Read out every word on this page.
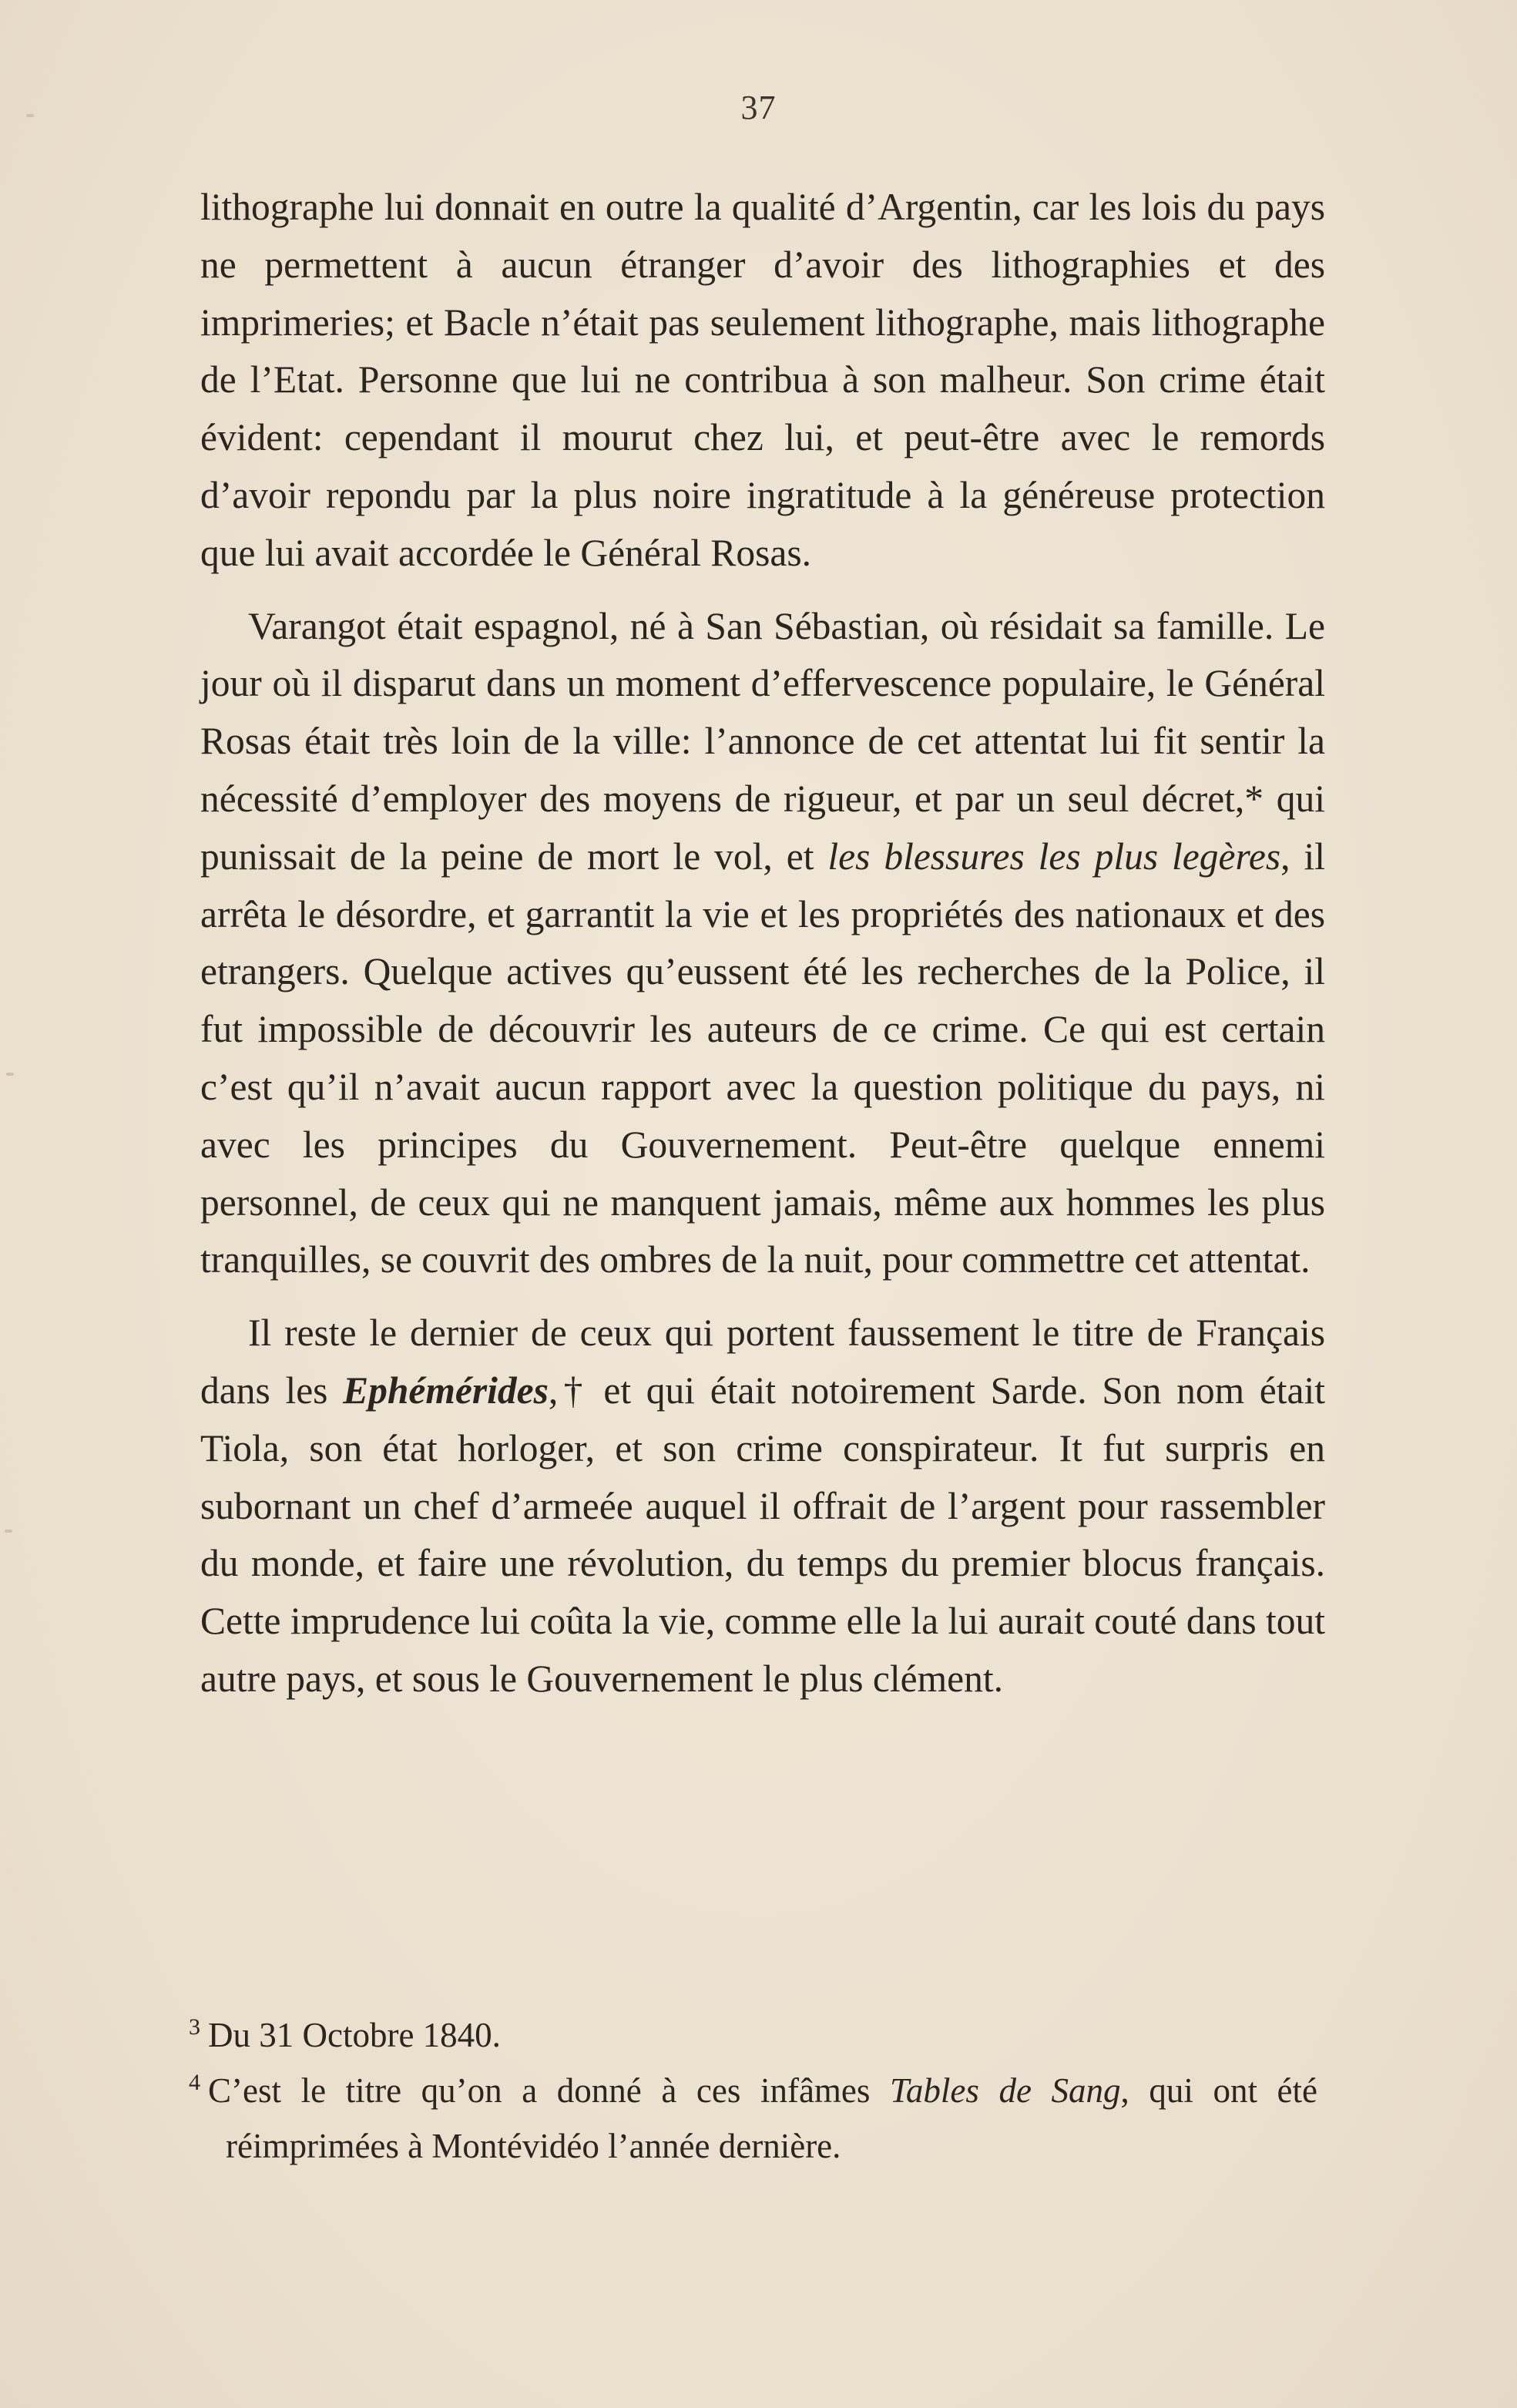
37

lithographe lui donnait en outre la qualité d’Argentin, car les lois du pays ne permettent à aucun étranger d’avoir des lithographies et des imprimeries; et Bacle n’était pas seulement lithographe, mais lithographe de l’Etat. Personne que lui ne contribua à son malheur. Son crime était évident: cependant il mourut chez lui, et peut-être avec le remords d’avoir repondu par la plus noire ingratitude à la généreuse protection que lui avait accordée le Général Rosas.

Varangot était espagnol, né à San Sébastian, où résidait sa famille. Le jour où il disparut dans un moment d’effervescence populaire, le Général Rosas était très loin de la ville: l’annonce de cet attentat lui fit sentir la nécessité d’employer des moyens de rigueur, et par un seul décret,* qui punissait de la peine de mort le vol, et les blessures les plus legères, il arrêta le désordre, et garrantit la vie et les propriétés des nationaux et des etrangers. Quelque actives qu’eussent été les recherches de la Police, il fut impossible de découvrir les auteurs de ce crime. Ce qui est certain c’est qu’il n’avait aucun rapport avec la question politique du pays, ni avec les principes du Gouvernement. Peut-être quelque ennemi personnel, de ceux qui ne manquent jamais, même aux hommes les plus tranquilles, se couvrit des ombres de la nuit, pour commettre cet attentat.

Il reste le dernier de ceux qui portent faussement le titre de Français dans les Ephémérides,† et qui était notoirement Sarde. Son nom était Tiola, son état horloger, et son crime conspirateur. It fut surpris en subornant un chef d’armeée auquel il offrait de l’argent pour rassembler du monde, et faire une révolution, du temps du premier blocus français. Cette imprudence lui coûta la vie, comme elle la lui aurait couté dans tout autre pays, et sous le Gouvernement le plus clément.

$^3$ Du 31 Octobre 1840.

$^4$ C’est le titre qu’on a donné à ces infâmes Tables de Sang, qui ont été réimprimées à Montévidéo l’année dernière.
